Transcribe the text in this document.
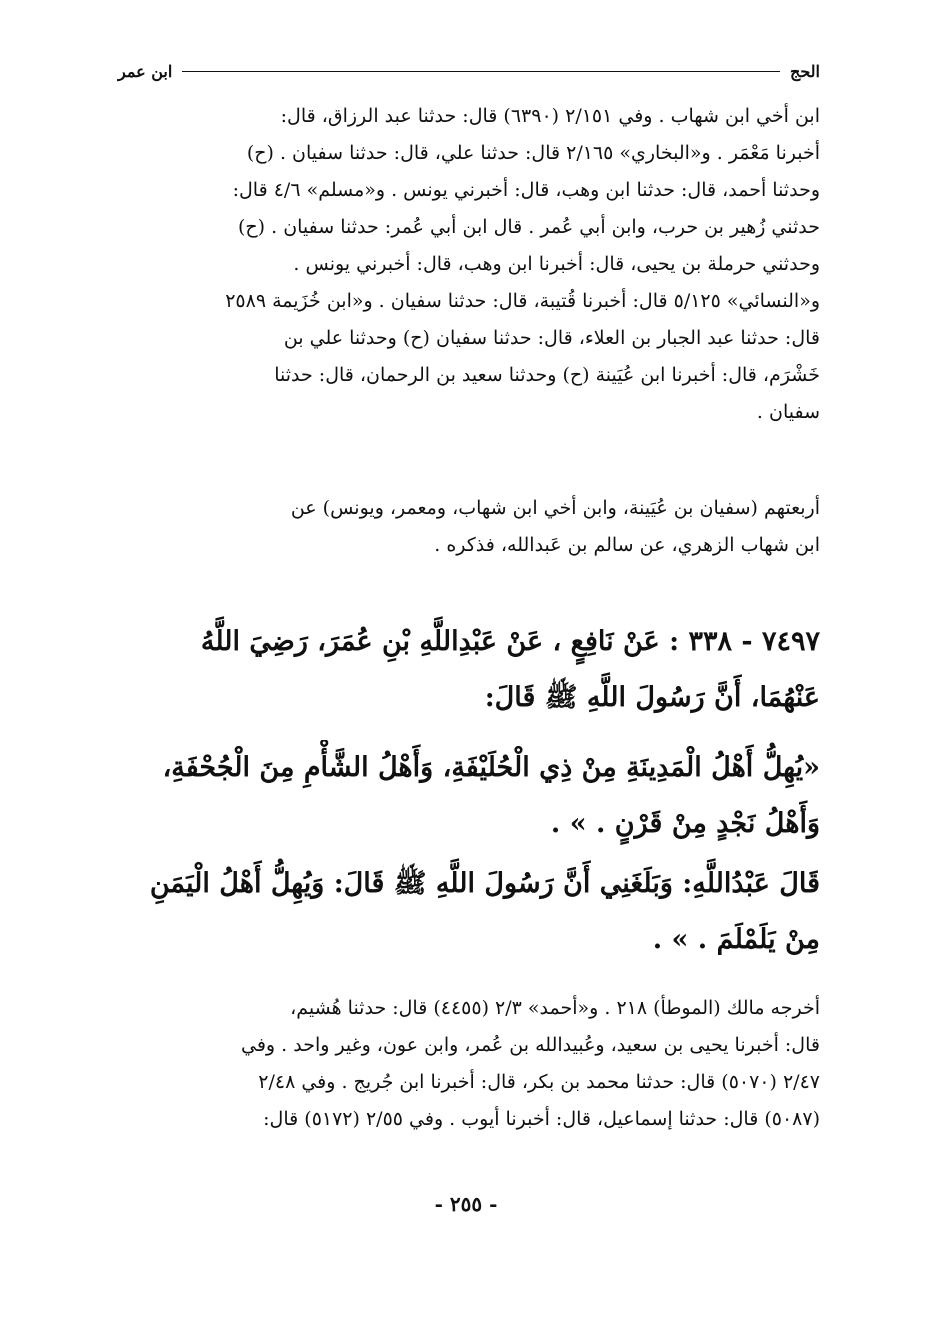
الحج
ابن عمر
ابن أخي ابن شهاب . وفي ٢/١٥١ (٦٣٩٠) قال: حدثنا عبد الرزاق، قال:
أخبرنا مَعْمَر . و«البخاري» ٢/١٦٥ قال: حدثنا علي، قال: حدثنا سفيان . (ح)
وحدثنا أحمد، قال: حدثنا ابن وهب، قال: أخبرني يونس . و«مسلم» ٤/٦ قال:
حدثني زُهير بن حرب، وابن أبي عُمر . قال ابن أبي عُمر: حدثنا سفيان . (ح)
وحدثني حرملة بن يحيى، قال: أخبرنا ابن وهب، قال: أخبرني يونس .
و«النسائي» ٥/١٢٥ قال: أخبرنا قُتيبة، قال: حدثنا سفيان . و«ابن خُزَيمة ٢٥٨٩
قال: حدثنا عبد الجبار بن العلاء، قال: حدثنا سفيان (ح) وحدثنا علي بن
خَشْرَم، قال: أخبرنا ابن عُيَينة (ح) وحدثنا سعيد بن الرحمان، قال: حدثنا
سفيان .
أربعتهم (سفيان بن عُيَينة، وابن أخي ابن شهاب، ومعمر، ويونس) عن
ابن شهاب الزهري، عن سالم بن عَبدالله، فذكره .
٧٤٩٧ - ٣٣٨ : عَنْ نَافِعٍ ، عَنْ عَبْدِاللَّهِ بْنِ عُمَرَ، رَضِيَ اللَّهُ
عَنْهُمَا، أَنَّ رَسُولَ اللَّهِ ﷺ قَالَ:
«يُهِلُّ أَهْلُ الْمَدِينَةِ مِنْ ذِي الْحُلَيْفَةِ، وَأَهْلُ الشَّأْمِ مِنَ الْجُحْفَةِ،
وَأَهْلُ نَجْدٍ مِنْ قَرْنٍ . » .
قَالَ عَبْدُاللَّهِ: وَبَلَغَنِي أَنَّ رَسُولَ اللَّهِ ﷺ قَالَ: وَيُهِلُّ أَهْلُ الْيَمَنِ
مِنْ يَلَمْلَمَ . » .
أخرجه مالك (الموطأ) ٢١٨ . و«أحمد» ٢/٣ (٤٤٥٥) قال: حدثنا هُشيم،
قال: أخبرنا يحيى بن سعيد، وعُبيدالله بن عُمر، وابن عون، وغير واحد . وفي
٢/٤٧ (٥٠٧٠) قال: حدثنا محمد بن بكر، قال: أخبرنا ابن جُريج . وفي ٢/٤٨
(٥٠٨٧) قال: حدثنا إسماعيل، قال: أخبرنا أيوب . وفي ٢/٥٥ (٥١٧٢) قال:
- ٢٥٥ -
